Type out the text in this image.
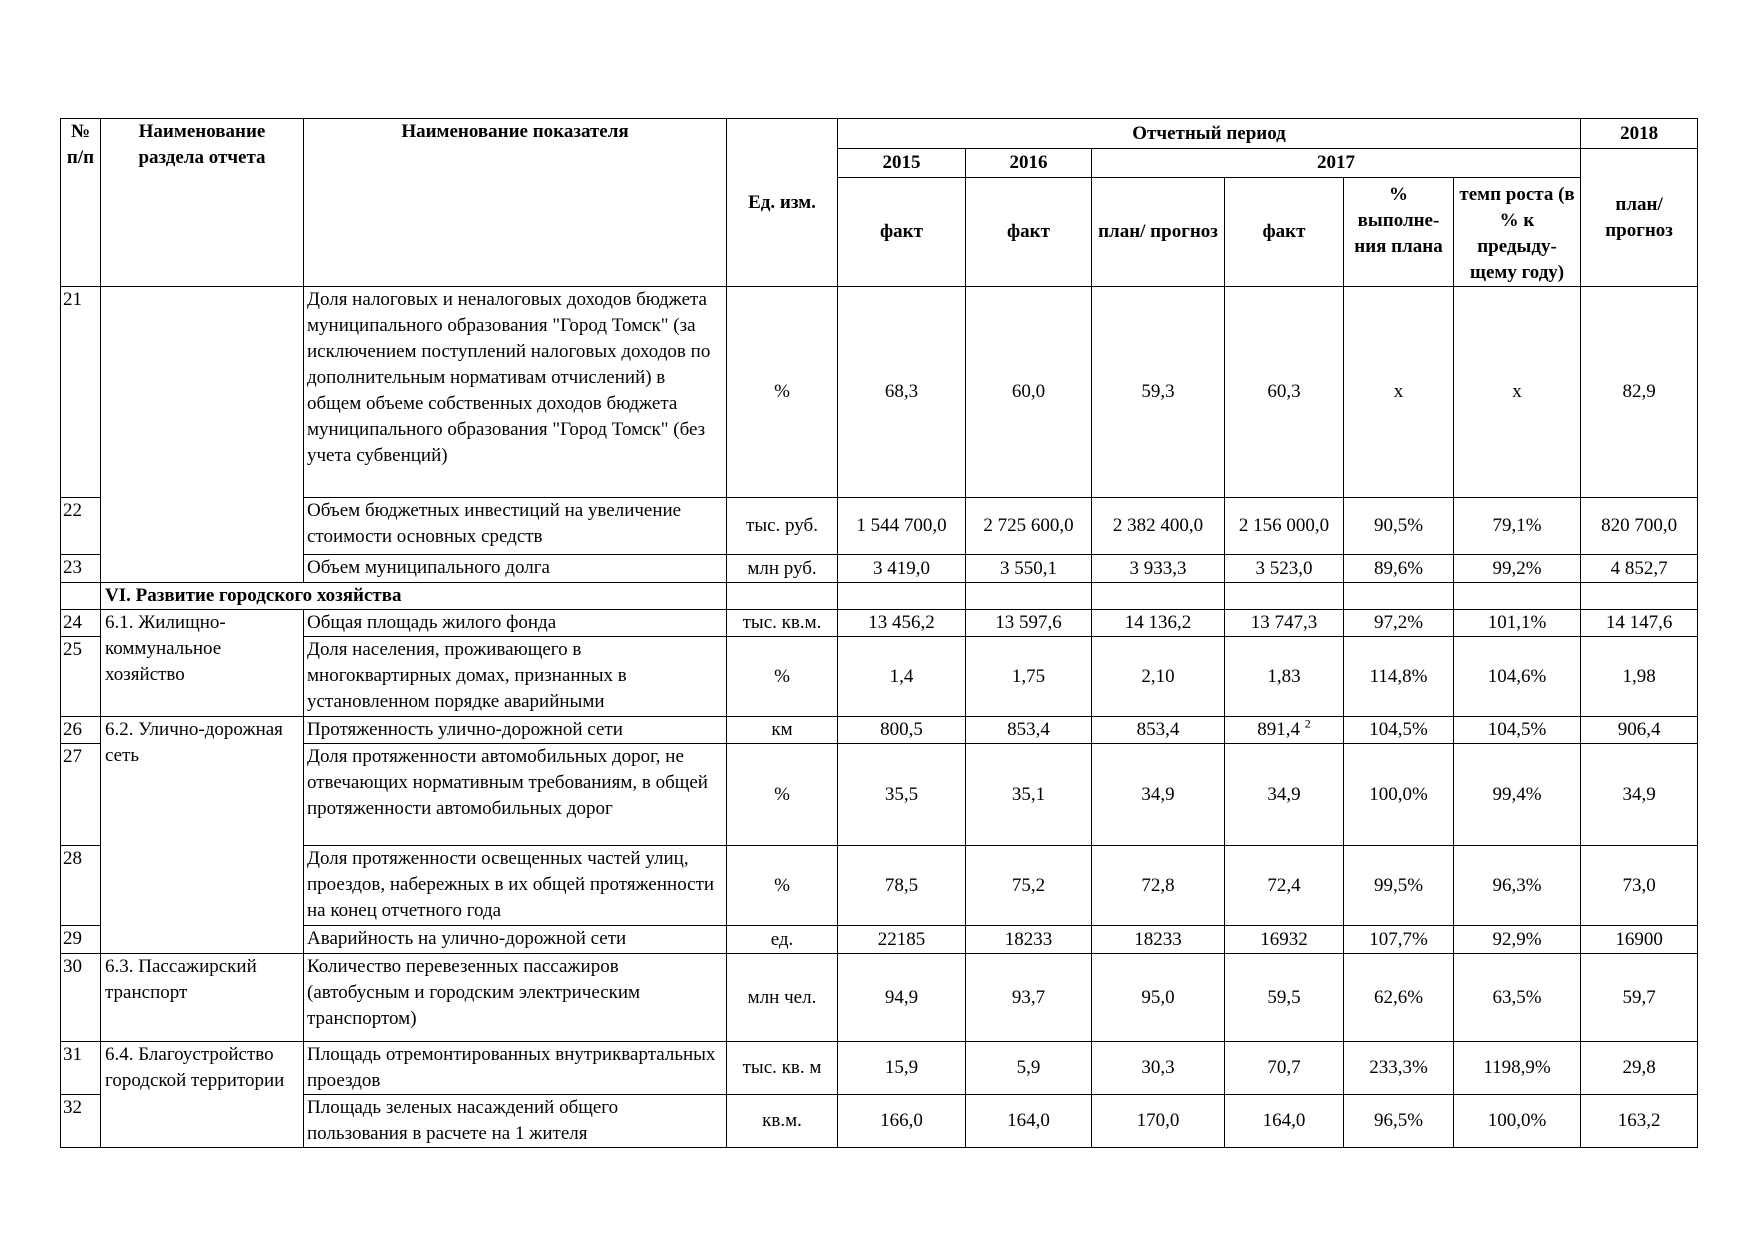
№ п/п	Наименование раздела отчета	Наименование показателя	Ед. изм.	Отчетный период						2018
				2015	2016	2017				план/ прогноз
				факт	факт	план/ прогноз	факт	% выполне-ния плана	темп роста (в % к предыду-щему году)	
21		Доля налоговых и неналоговых доходов бюджета муниципального образования "Город Томск" (за исключением поступлений налоговых доходов по дополнительным нормативам отчислений) в общем объеме собственных доходов бюджета муниципального образования "Город Томск" (без учета субвенций)	%	68,3	60,0	59,3	60,3	x	x	82,9
22		Объем бюджетных инвестиций на увеличение стоимости основных средств	тыс. руб.	1 544 700,0	2 725 600,0	2 382 400,0	2 156 000,0	90,5%	79,1%	820 700,0
23		Объем муниципального долга	млн руб.	3 419,0	3 550,1	3 933,3	3 523,0	89,6%	99,2%	4 852,7
	VI. Развитие городского хозяйства									
24	6.1. Жилищно-коммунальное хозяйство	Общая площадь жилого фонда	тыс. кв.м.	13 456,2	13 597,6	14 136,2	13 747,3	97,2%	101,1%	14 147,6
25		Доля населения, проживающего в многоквартирных домах, признанных в установленном порядке аварийными	%	1,4	1,75	2,10	1,83	114,8%	104,6%	1,98
26	6.2. Улично-дорожная сеть	Протяженность улично-дорожной сети	км	800,5	853,4	853,4	891,4 $^2$	104,5%	104,5%	906,4
27		Доля протяженности автомобильных дорог, не отвечающих нормативным требованиям, в общей протяженности автомобильных дорог	%	35,5	35,1	34,9	34,9	100,0%	99,4%	34,9
28		Доля протяженности освещенных частей улиц, проездов, набережных в их общей протяженности на конец отчетного года	%	78,5	75,2	72,8	72,4	99,5%	96,3%	73,0
29		Аварийность на улично-дорожной сети	ед.	22185	18233	18233	16932	107,7%	92,9%	16900
30	6.3. Пассажирский транспорт	Количество перевезенных пассажиров (автобусным и городским электрическим транспортом)	млн чел.	94,9	93,7	95,0	59,5	62,6%	63,5%	59,7
31	6.4. Благоустройство городской территории	Площадь отремонтированных внутриквартальных проездов	тыс. кв. м	15,9	5,9	30,3	70,7	233,3%	1198,9%	29,8
32		Площадь зеленых насаждений общего пользования в расчете на 1 жителя	кв.м.	166,0	164,0	170,0	164,0	96,5%	100,0%	163,2
